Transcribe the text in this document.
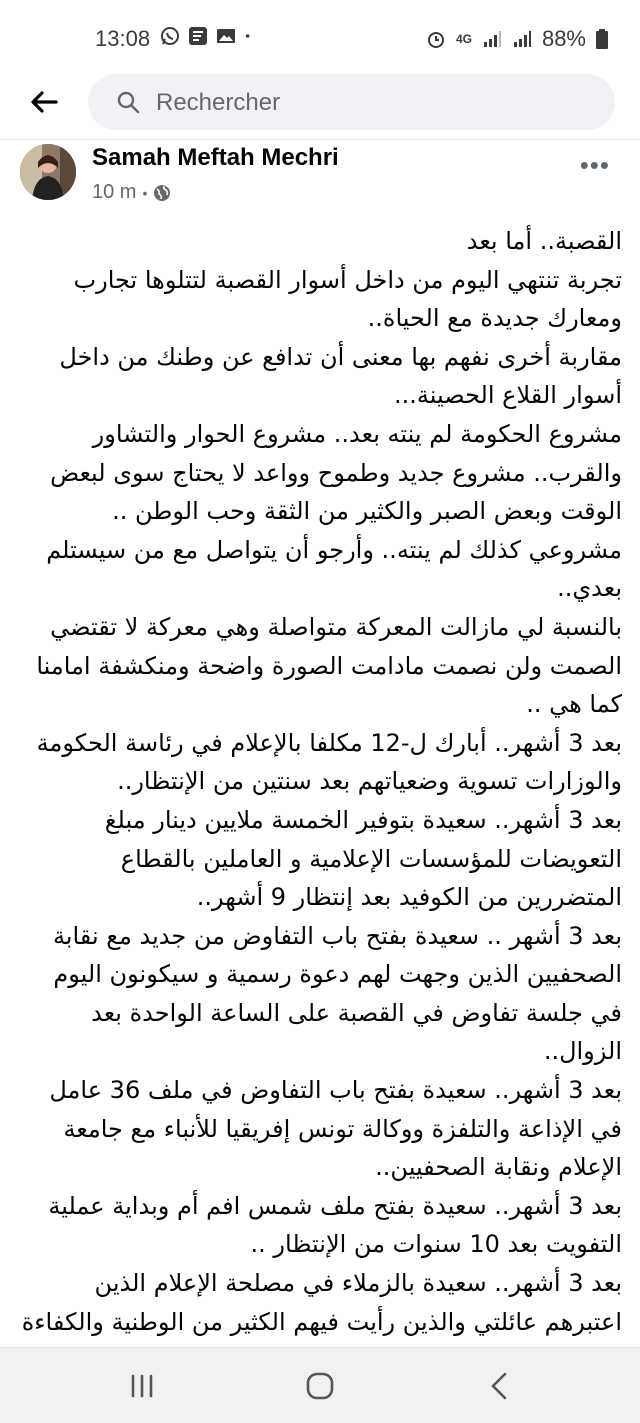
13:08	4G	88%
Rechercher
Samah Meftah Mechri
10 m •
•••

القصبة.. أما بعد

تجربة تنتهي اليوم من داخل أسوار القصبة لتتلوها تجارب ومعارك جديدة مع الحياة..

مقاربة أخرى نفهم بها معنى أن تدافع عن وطنك من داخل أسوار القلاع الحصينة...

مشروع الحكومة لم ينته بعد.. مشروع الحوار والتشاور والقرب.. مشروع جديد وطموح وواعد لا يحتاج سوى لبعض الوقت وبعض الصبر والكثير من الثقة وحب الوطن ..

مشروعي كذلك لم ينته.. وأرجو أن يتواصل مع من سيستلم بعدي..

بالنسبة لي مازالت المعركة متواصلة وهي معركة لا تقتضي الصمت ولن نصمت مادامت الصورة واضحة ومنكشفة امامنا كما هي ..

بعد 3 أشهر.. أبارك ل-12 مكلفا بالإعلام في رئاسة الحكومة والوزارات تسوية وضعياتهم بعد سنتين من الإنتظار..

بعد 3 أشهر.. سعيدة بتوفير الخمسة ملايين دينار مبلغ التعويضات للمؤسسات الإعلامية و العاملين بالقطاع المتضررين من الكوفيد بعد إنتظار 9 أشهر..

بعد 3 أشهر .. سعيدة بفتح باب التفاوض من جديد مع نقابة الصحفيين الذين وجهت لهم دعوة رسمية و سيكونون اليوم في جلسة تفاوض في القصبة على الساعة الواحدة بعد الزوال..

بعد 3 أشهر.. سعيدة بفتح باب التفاوض في ملف 36 عامل في الإذاعة والتلفزة ووكالة تونس إفريقيا للأنباء مع جامعة الإعلام ونقابة الصحفيين..

بعد 3 أشهر.. سعيدة بفتح ملف شمس افم أم وبداية عملية التفويت بعد 10 سنوات من الإنتظار ..

بعد 3 أشهر.. سعيدة بالزملاء في مصلحة الإعلام الذين اعتبرهم عائلتي والذين رأيت فيهم الكثير من الوطنية والكفاءة
